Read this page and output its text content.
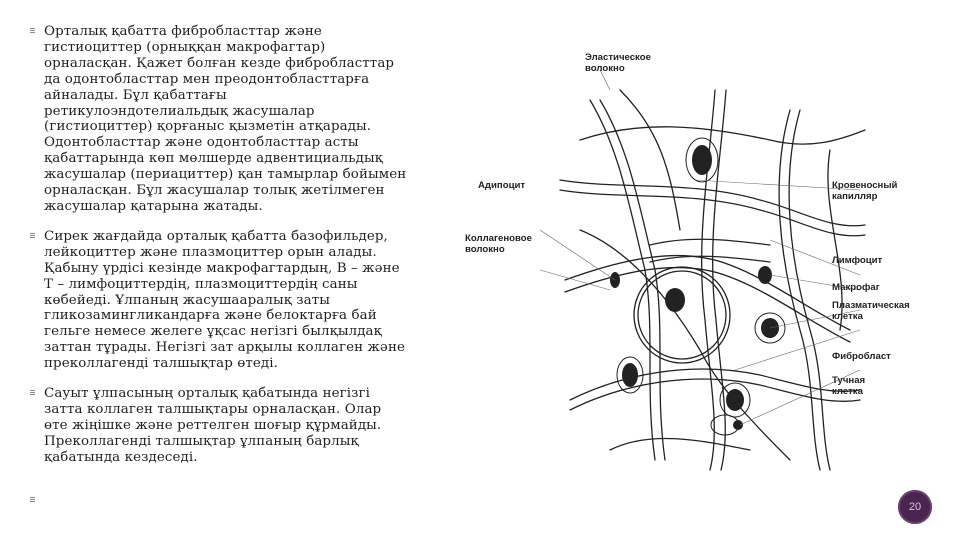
Орталық қабатта фибробласттар және
гистиоциттер (орныққан макрофагтар)
орналасқан. Қажет болған кезде фибробласттар
да одонтобласттар мен преодонтобласттарға
айналады. Бұл қабаттағы
ретикулоэндотелиальдық жасушалар
(гистиоциттер) қорғаныс қызметін атқарады.
Одонтобласттар және одонтобласттар асты
қабаттарында көп мөлшерде адвентициальдық
жасушалар (периациттер) қан тамырлар бойымен
орналасқан. Бұл жасушалар толық жетілмеген
жасушалар қатарына жатады.
Сирек жағдайда орталық қабатта базофильдер,
лейкоциттер және плазмоциттер орын алады.
Қабыну үрдісі кезінде макрофагтардың, В – және
Т – лимфоциттердің, плазмоциттердің саны
көбейеді. Ұлпаның жасушааралық заты
гликозамингликандарға және белоктарға бай
гельге немесе желеге ұқсас негізгі былқылдақ
заттан тұрады. Негізгі зат арқылы коллаген және
преколлагенді талшықтар өтеді.
Сауыт ұлпасының орталық қабатында негізгі
затта коллаген талшықтары орналасқан. Олар
өте жіңішке және реттелген шоғыр құрмайды.
Преколлагенді талшықтар ұлпаның барлық
қабатында кездеседі.
Эластическое
волокно
Адипоцит
Коллагеновое
волокно
Кровеносный
капилляр
Лимфоцит
Макрофаг
Плазматическая
клетка
Фибробласт
Тучная
клетка
20
